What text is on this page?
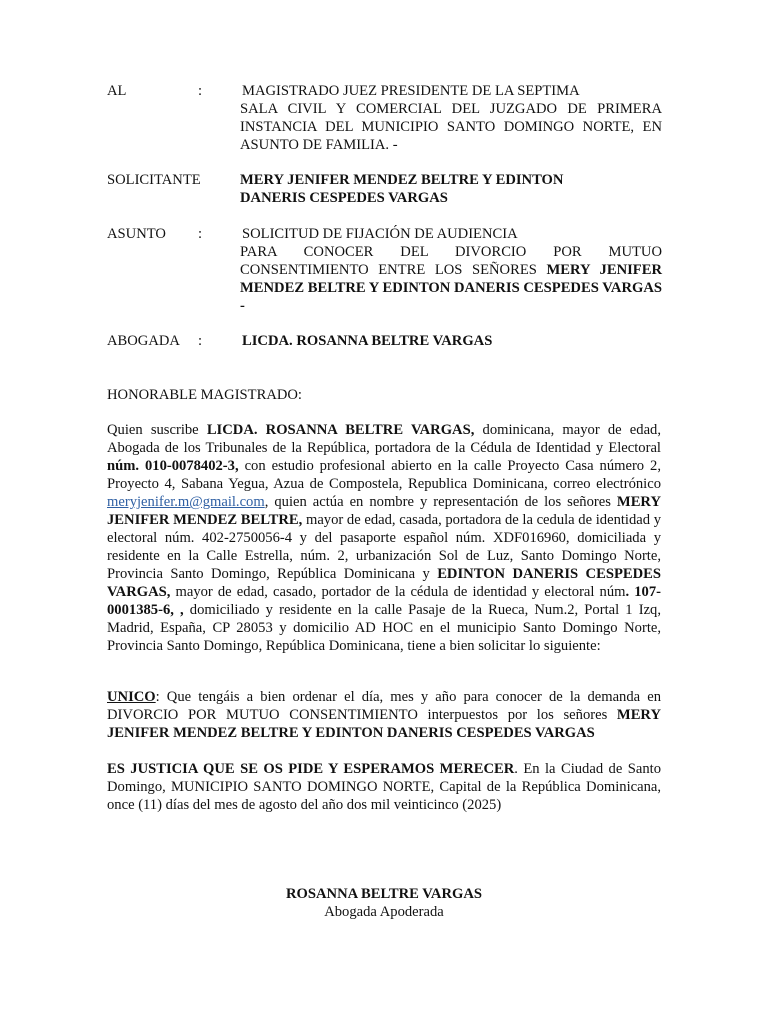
AL	:	MAGISTRADO JUEZ PRESIDENTE DE LA SEPTIMA
SALA CIVIL Y COMERCIAL DEL JUZGADO DE PRIMERA INSTANCIA DEL MUNICIPIO SANTO DOMINGO NORTE, EN ASUNTO DE FAMILIA. -
SOLICITANTE	MERY JENIFER MENDEZ BELTRE Y EDINTON
DANERIS CESPEDES VARGAS
ASUNTO :	SOLICITUD DE FIJACIÓN DE AUDIENCIA
PARA CONOCER DEL DIVORCIO POR MUTUO CONSENTIMIENTO ENTRE LOS SEÑORES MERY JENIFER MENDEZ BELTRE Y EDINTON DANERIS CESPEDES VARGAS -
ABOGADA :	LICDA. ROSANNA BELTRE VARGAS
HONORABLE MAGISTRADO:
Quien suscribe LICDA. ROSANNA BELTRE VARGAS, dominicana, mayor de edad, Abogada de los Tribunales de la República, portadora de la Cédula de Identidad y Electoral núm. 010-0078402-3, con estudio profesional abierto en la calle Proyecto Casa número 2, Proyecto 4, Sabana Yegua, Azua de Compostela, Republica Dominicana, correo electrónico meryjenifer.m@gmail.com, quien actúa en nombre y representación de los señores MERY JENIFER MENDEZ BELTRE, mayor de edad, casada, portadora de la cedula de identidad y electoral núm. 402-2750056-4 y del pasaporte español núm. XDF016960, domiciliada y residente en la Calle Estrella, núm. 2, urbanización Sol de Luz, Santo Domingo Norte, Provincia Santo Domingo, República Dominicana y EDINTON DANERIS CESPEDES VARGAS, mayor de edad, casado, portador de la cédula de identidad y electoral núm. 107-0001385-6, , domiciliado y residente en la calle Pasaje de la Rueca, Num.2, Portal 1 Izq, Madrid, España, CP 28053 y domicilio AD HOC en el municipio Santo Domingo Norte, Provincia Santo Domingo, República Dominicana, tiene a bien solicitar lo siguiente:
UNICO: Que tengáis a bien ordenar el día, mes y año para conocer de la demanda en DIVORCIO POR MUTUO CONSENTIMIENTO interpuestos por los señores MERY JENIFER MENDEZ BELTRE Y EDINTON DANERIS CESPEDES VARGAS
ES JUSTICIA QUE SE OS PIDE Y ESPERAMOS MERECER. En la Ciudad de Santo Domingo, MUNICIPIO SANTO DOMINGO NORTE, Capital de la República Dominicana, once (11) días del mes de agosto del año dos mil veinticinco (2025)
ROSANNA BELTRE VARGAS
Abogada Apoderada
